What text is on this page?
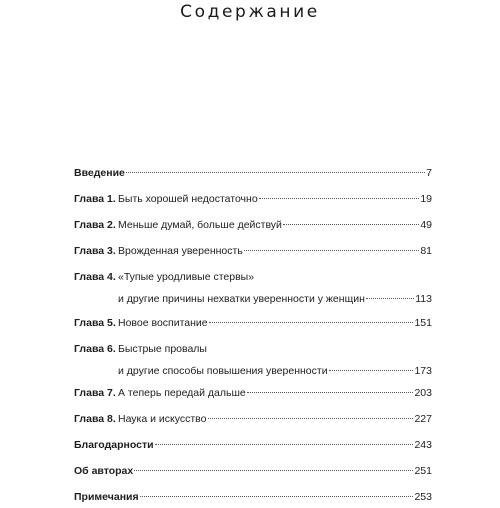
Содержание
Введение	7
Глава 1. Быть хорошей недостаточно	19
Глава 2. Меньше думай, больше действуй	49
Глава 3. Врожденная уверенность	81
Глава 4. «Тупые уродливые стервы»
и другие причины нехватки уверенности у женщин	113
Глава 5. Новое воспитание	151
Глава 6. Быстрые провалы
и другие способы повышения уверенности	173
Глава 7. А теперь передай дальше	203
Глава 8. Наука и искусство	227
Благодарности	243
Об авторах	251
Примечания	253
